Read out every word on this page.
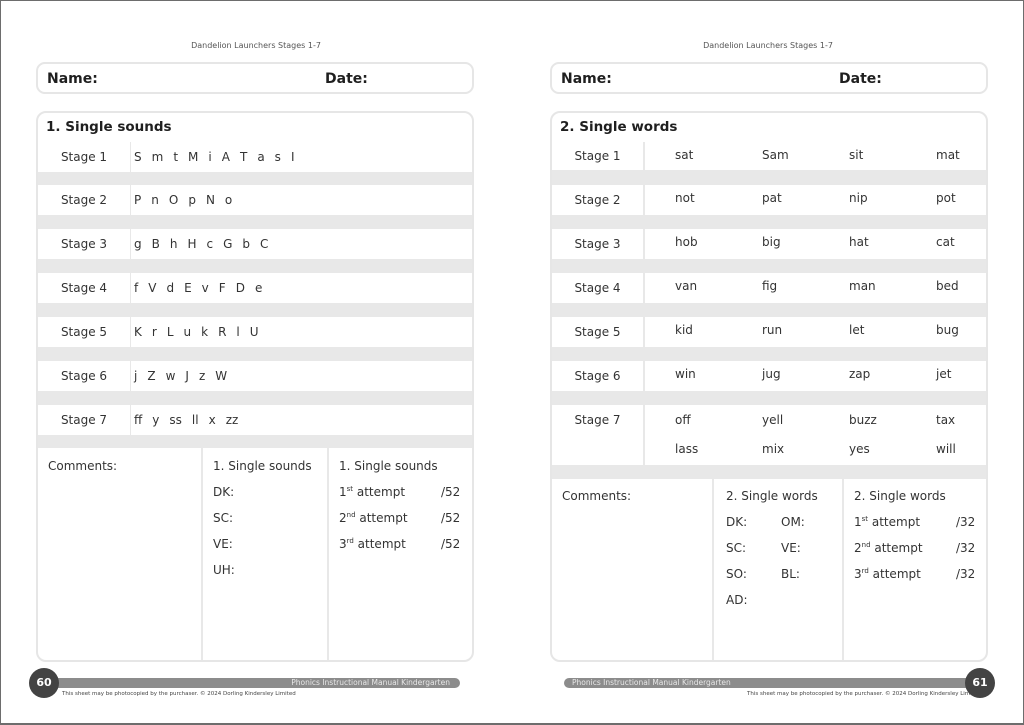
Dandelion Launchers Stages 1-7
Name:	Date:
1. Single sounds
Stage 1	S m t M i A T a s I
Stage 2	P n O p N o
Stage 3	g B h H c G b C
Stage 4	f V d E v F D e
Stage 5	K r L u k R l U
Stage 6	j Z w J z W
Stage 7	ff y ss ll x zz
Comments:	1. Single sounds
DK:
SC:
VE:
UH:
1. Single sounds
1st attempt	/52
2nd attempt	/52
3rd attempt	/52
Phonics Instructional Manual Kindergarten
60
This sheet may be photocopied by the purchaser. © 2024 Dorling Kindersley Limited
Dandelion Launchers Stages 1-7
Name:	Date:
2. Single words
Stage 1	sat	Sam	sit	mat
Stage 2	not	pat	nip	pot
Stage 3	hob	big	hat	cat
Stage 4	van	fig	man	bed
Stage 5	kid	run	let	bug
Stage 6	win	jug	zap	jet
Stage 7	off	yell	buzz	tax
lass	mix	yes	will
Comments:	2. Single words
DK:	OM:
SC:	VE:
SO:	BL:
AD:
2. Single words
1st attempt	/32
2nd attempt	/32
3rd attempt	/32
Phonics Instructional Manual Kindergarten	61
This sheet may be photocopied by the purchaser. © 2024 Dorling Kindersley Limited
